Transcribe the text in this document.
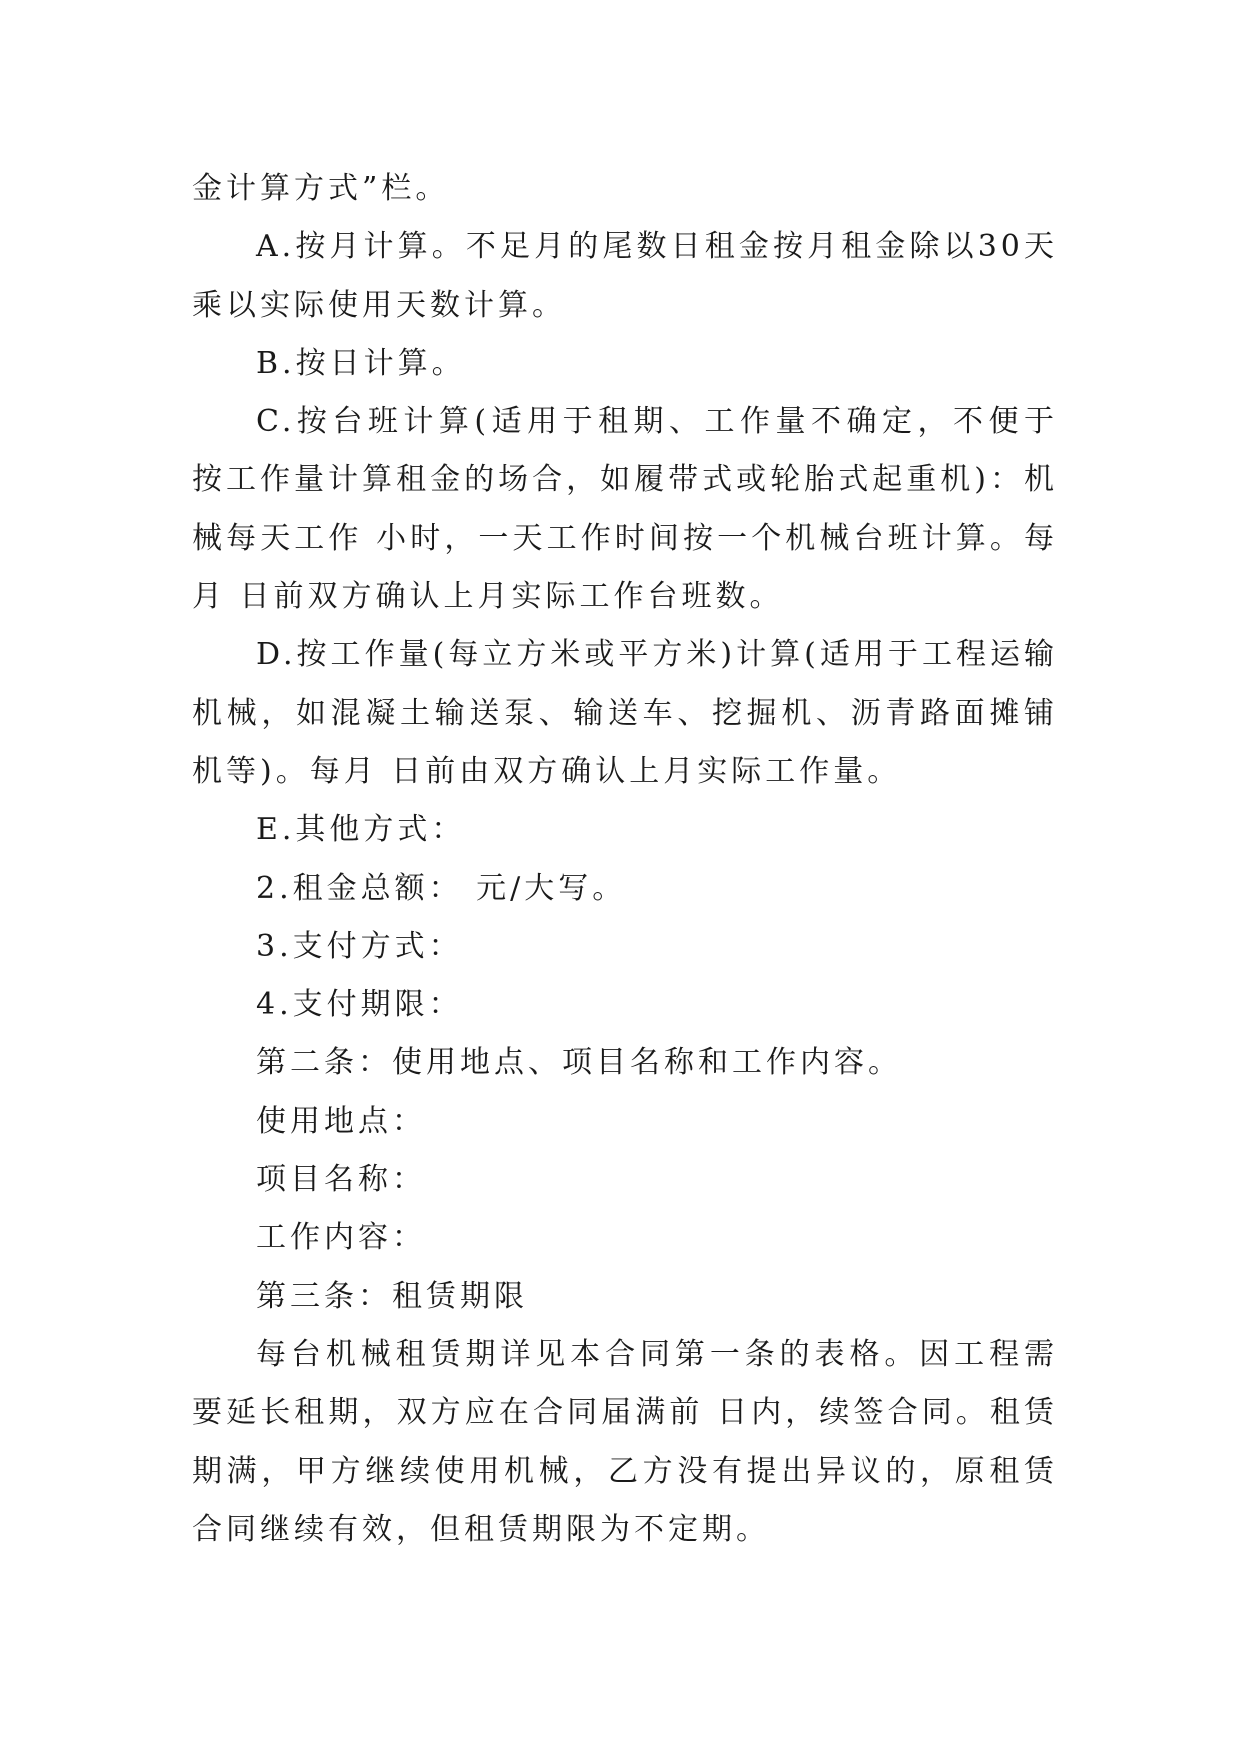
金计算方式”栏。

A.按月计算。不足月的尾数日租金按月租金除以30天乘以实际使用天数计算。

B.按日计算。

C.按台班计算(适用于租期、工作量不确定，不便于按工作量计算租金的场合，如履带式或轮胎式起重机)：机械每天工作 小时，一天工作时间按一个机械台班计算。每月 日前双方确认上月实际工作台班数。

D.按工作量(每立方米或平方米)计算(适用于工程运输机械，如混凝土输送泵、输送车、挖掘机、沥青路面摊铺机等)。每月 日前由双方确认上月实际工作量。

E.其他方式：

2.租金总额： 元/大写。

3.支付方式：

4.支付期限：

第二条：使用地点、项目名称和工作内容。

使用地点：

项目名称：

工作内容：

第三条：租赁期限

每台机械租赁期详见本合同第一条的表格。因工程需要延长租期，双方应在合同届满前 日内，续签合同。租赁期满，甲方继续使用机械，乙方没有提出异议的，原租赁合同继续有效，但租赁期限为不定期。
